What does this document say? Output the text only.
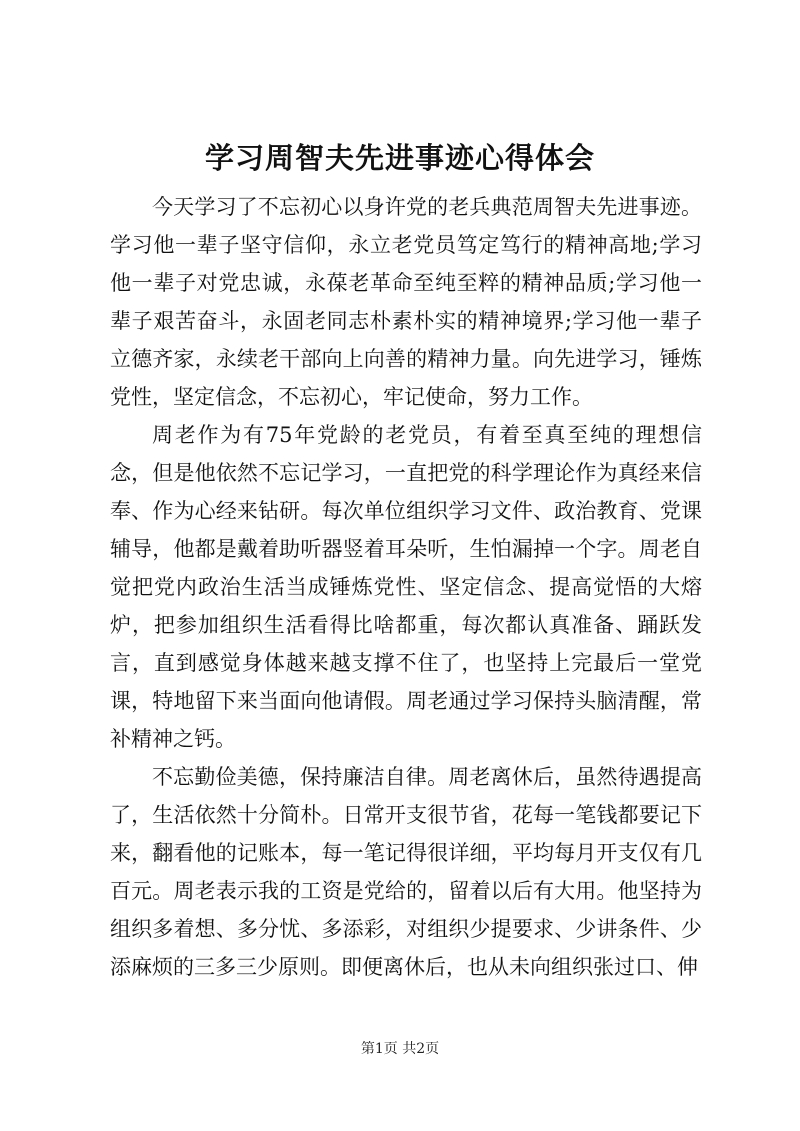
学习周智夫先进事迹心得体会

今天学习了不忘初心以身许党的老兵典范周智夫先进事迹。学习他一辈子坚守信仰，永立老党员笃定笃行的精神高地;学习他一辈子对党忠诚，永葆老革命至纯至粹的精神品质;学习他一辈子艰苦奋斗，永固老同志朴素朴实的精神境界;学习他一辈子立德齐家，永续老干部向上向善的精神力量。向先进学习，锤炼党性，坚定信念，不忘初心，牢记使命，努力工作。

周老作为有75年党龄的老党员，有着至真至纯的理想信念，但是他依然不忘记学习，一直把党的科学理论作为真经来信奉、作为心经来钻研。每次单位组织学习文件、政治教育、党课辅导，他都是戴着助听器竖着耳朵听，生怕漏掉一个字。周老自觉把党内政治生活当成锤炼党性、坚定信念、提高觉悟的大熔炉，把参加组织生活看得比啥都重，每次都认真准备、踊跃发言，直到感觉身体越来越支撑不住了，也坚持上完最后一堂党课，特地留下来当面向他请假。周老通过学习保持头脑清醒，常补精神之钙。

不忘勤俭美德，保持廉洁自律。周老离休后，虽然待遇提高了，生活依然十分简朴。日常开支很节省，花每一笔钱都要记下来，翻看他的记账本，每一笔记得很详细，平均每月开支仅有几百元。周老表示我的工资是党给的，留着以后有大用。他坚持为组织多着想、多分忧、多添彩，对组织少提要求、少讲条件、少添麻烦的三多三少原则。即便离休后，也从未向组织张过口、伸

第1页 共2页
